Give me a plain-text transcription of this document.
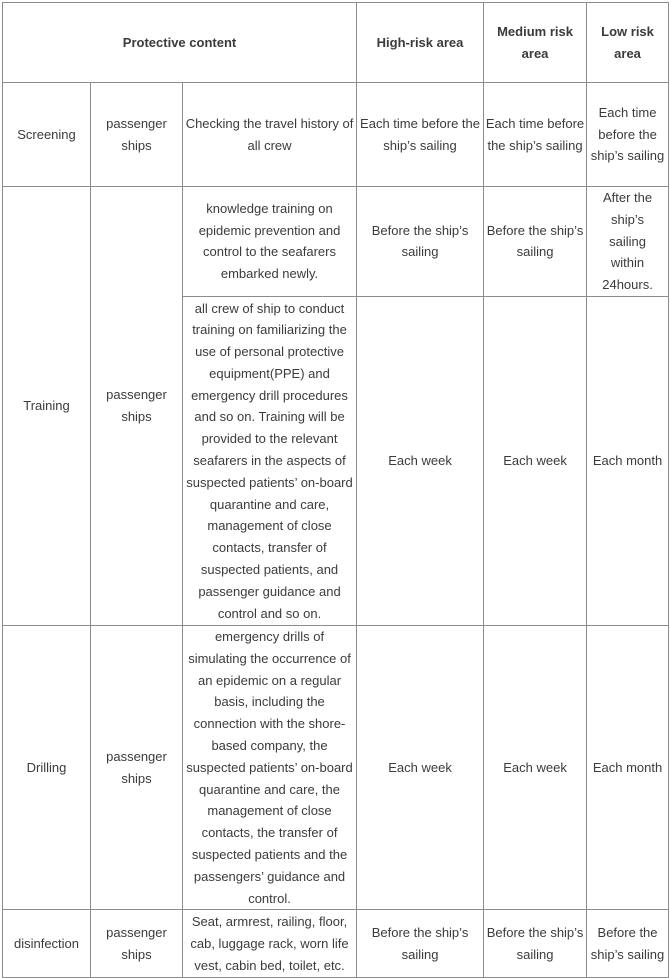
Protective content			High-risk area	Medium risk area	Low risk area

Screening	passenger ships	Checking the travel history of all crew	Each time before the ship’s sailing	Each time before the ship’s sailing	Each time before the ship’s sailing
Training	passenger ships	knowledge training on epidemic prevention and control to the seafarers embarked newly.	Before the ship’s sailing	Before the ship’s sailing	After the ship’s sailing within 24hours.

		all crew of ship to conduct training on familiarizing the use of personal protective equipment(PPE) and emergency drill procedures and so on. Training will be provided to the relevant seafarers in the aspects of suspected patients’ on-board quarantine and care, management of close contacts, transfer of suspected patients, and passenger guidance and control and so on.	Each week	Each week	Each month
Drilling	passenger ships	emergency drills of simulating the occurrence of an epidemic on a regular basis, including the connection with the shore-based company, the suspected patients’ on-board quarantine and care, the management of close contacts, the transfer of suspected patients and the passengers’ guidance and control.	Each week	Each week	Each month
disinfection	passenger ships	Seat, armrest, railing, floor, cab, luggage rack, worn life vest, cabin bed, toilet, etc.	Before the ship’s sailing	Before the ship’s sailing	Before the ship’s sailing
